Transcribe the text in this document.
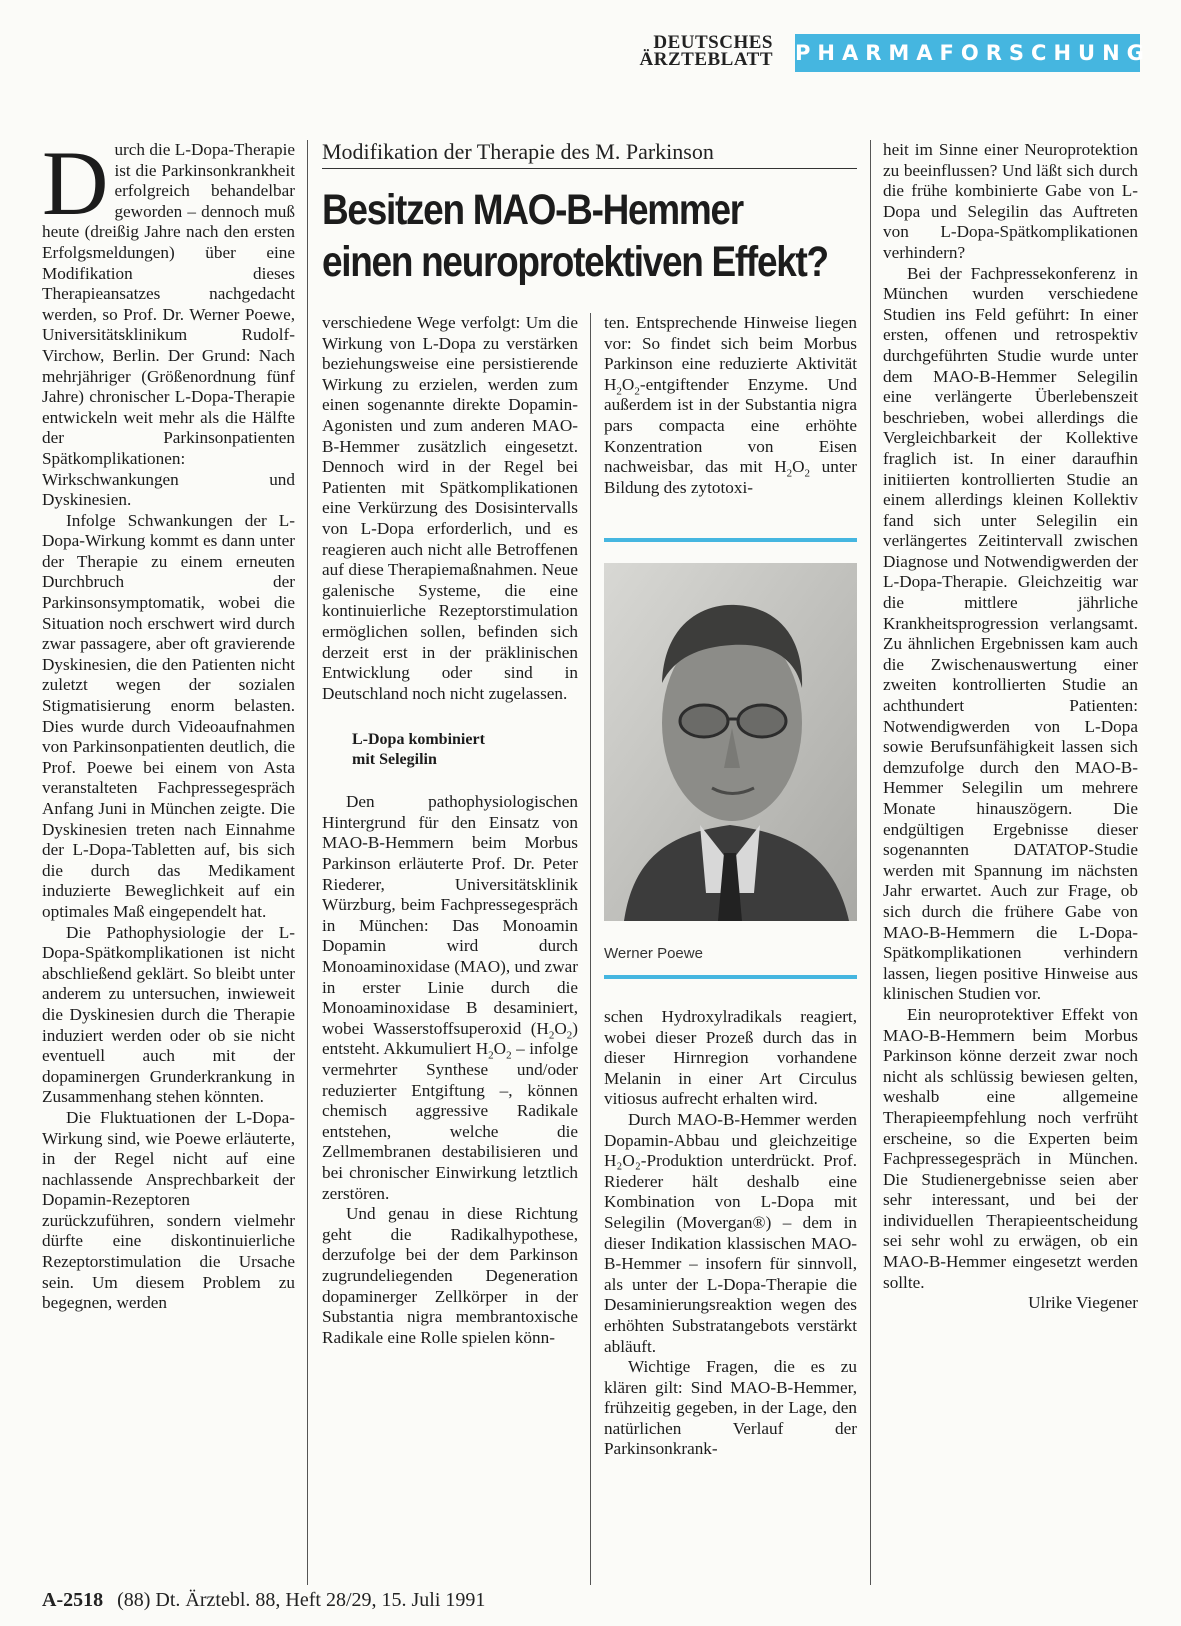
DEUTSCHES
ÄRZTEBLATT PHARMAFORSCHUNG

Durch die L-Dopa-Therapie ist die Parkinsonkrankheit erfolgreich behandelbar geworden – dennoch muß heute (dreißig Jahre nach den ersten Erfolgsmeldungen) über eine Modifikation dieses Therapieansatzes nachgedacht werden, so Prof. Dr. Werner Poewe, Universitätsklinikum Rudolf-Virchow, Berlin. Der Grund: Nach mehrjähriger (Größenordnung fünf Jahre) chronischer L-Dopa-Therapie entwickeln weit mehr als die Hälfte der Parkinsonpatienten Spätkomplikationen: Wirkschwankungen und Dyskinesien.

Infolge Schwankungen der L-Dopa-Wirkung kommt es dann unter der Therapie zu einem erneuten Durchbruch der Parkinsonsymptomatik, wobei die Situation noch erschwert wird durch zwar passagere, aber oft gravierende Dyskinesien, die den Patienten nicht zuletzt wegen der sozialen Stigmatisierung enorm belasten. Dies wurde durch Videoaufnahmen von Parkinsonpatienten deutlich, die Prof. Poewe bei einem von Asta veranstalteten Fachpressegespräch Anfang Juni in München zeigte. Die Dyskinesien treten nach Einnahme der L-Dopa-Tabletten auf, bis sich die durch das Medikament induzierte Beweglichkeit auf ein optimales Maß eingependelt hat.

Die Pathophysiologie der L-Dopa-Spätkomplikationen ist nicht abschließend geklärt. So bleibt unter anderem zu untersuchen, inwieweit die Dyskinesien durch die Therapie induziert werden oder ob sie nicht eventuell auch mit der dopaminergen Grunderkrankung in Zusammenhang stehen könnten.

Die Fluktuationen der L-Dopa-Wirkung sind, wie Poewe erläuterte, in der Regel nicht auf eine nachlassende Ansprechbarkeit der Dopamin-Rezeptoren zurückzuführen, sondern vielmehr dürfte eine diskontinuierliche Rezeptorstimulation die Ursache sein. Um diesem Problem zu begegnen, werden

Modifikation der Therapie des M. Parkinson
Besitzen MAO-B-Hemmer
einen neuroprotektiven Effekt?

verschiedene Wege verfolgt: Um die Wirkung von L-Dopa zu verstärken beziehungsweise eine persistierende Wirkung zu erzielen, werden zum einen sogenannte direkte Dopamin-Agonisten und zum anderen MAO-B-Hemmer zusätzlich eingesetzt. Dennoch wird in der Regel bei Patienten mit Spätkomplikationen eine Verkürzung des Dosisintervalls von L-Dopa erforderlich, und es reagieren auch nicht alle Betroffenen auf diese Therapiemaßnahmen. Neue galenische Systeme, die eine kontinuierliche Rezeptorstimulation ermöglichen sollen, befinden sich derzeit erst in der präklinischen Entwicklung oder sind in Deutschland noch nicht zugelassen.

L-Dopa kombiniert
mit Selegilin

Den pathophysiologischen Hintergrund für den Einsatz von MAO-B-Hemmern beim Morbus Parkinson erläuterte Prof. Dr. Peter Riederer, Universitätsklinik Würzburg, beim Fachpressegespräch in München: Das Monoamin Dopamin wird durch Monoaminoxidase (MAO), und zwar in erster Linie durch die Monoaminoxidase B desaminiert, wobei Wasserstoffsuperoxid $(H_2O_2)$ entsteht. Akkumuliert $H_2O_2$ – infolge vermehrter Synthese und/oder reduzierter Entgiftung –, können chemisch aggressive Radikale entstehen, welche die Zellmembranen destabilisieren und bei chronischer Einwirkung letztlich zerstören.

Und genau in diese Richtung geht die Radikalhypothese, derzufolge bei der dem Parkinson zugrundeliegenden Degeneration dopaminerger Zellkörper in der Substantia nigra membrantoxische Radikale eine Rolle spielen könn-

ten. Entsprechende Hinweise liegen vor: So findet sich beim Morbus Parkinson eine reduzierte Aktivität $H_2O_2$-entgiftender Enzyme. Und außerdem ist in der Substantia nigra pars compacta eine erhöhte Konzentration von Eisen nachweisbar, das mit $H_2O_2$ unter Bildung des zytotoxi-

Werner Poewe

schen Hydroxylradikals reagiert, wobei dieser Prozeß durch das in dieser Hirnregion vorhandene Melanin in einer Art Circulus vitiosus aufrecht erhalten wird.

Durch MAO-B-Hemmer werden Dopamin-Abbau und gleichzeitige H₂O₂-Produktion unterdrückt. Prof. Riederer hält deshalb eine Kombination von L-Dopa mit Selegilin (Movergan®) – dem in dieser Indikation klassischen MAO-B-Hemmer – insofern für sinnvoll, als unter der L-Dopa-Therapie die Desaminierungsreaktion wegen des erhöhten Substratangebots verstärkt abläuft.

Wichtige Fragen, die es zu klären gilt: Sind MAO-B-Hemmer, frühzeitig gegeben, in der Lage, den natürlichen Verlauf der Parkinsonkrank-

heit im Sinne einer Neuroprotektion zu beeinflussen? Und läßt sich durch die frühe kombinierte Gabe von L-Dopa und Selegilin das Auftreten von L-Dopa-Spätkomplikationen verhindern?

Bei der Fachpressekonferenz in München wurden verschiedene Studien ins Feld geführt: In einer ersten, offenen und retrospektiv durchgeführten Studie wurde unter dem MAO-B-Hemmer Selegilin eine verlängerte Überlebenszeit beschrieben, wobei allerdings die Vergleichbarkeit der Kollektive fraglich ist. In einer daraufhin initiierten kontrollierten Studie an einem allerdings kleinen Kollektiv fand sich unter Selegilin ein verlängertes Zeitintervall zwischen Diagnose und Notwendigwerden der L-Dopa-Therapie. Gleichzeitig war die mittlere jährliche Krankheitsprogression verlangsamt. Zu ähnlichen Ergebnissen kam auch die Zwischenauswertung einer zweiten kontrollierten Studie an achthundert Patienten: Notwendigwerden von L-Dopa sowie Berufsunfähigkeit lassen sich demzufolge durch den MAO-B-Hemmer Selegilin um mehrere Monate hinauszögern. Die endgültigen Ergebnisse dieser sogenannten DATATOP-Studie werden mit Spannung im nächsten Jahr erwartet. Auch zur Frage, ob sich durch die frühere Gabe von MAO-B-Hemmern die L-Dopa-Spätkomplikationen verhindern lassen, liegen positive Hinweise aus klinischen Studien vor.

Ein neuroprotektiver Effekt von MAO-B-Hemmern beim Morbus Parkinson könne derzeit zwar noch nicht als schlüssig bewiesen gelten, weshalb eine allgemeine Therapieempfehlung noch verfrüht erscheine, so die Experten beim Fachpressegespräch in München. Die Studienergebnisse seien aber sehr interessant, und bei der individuellen Therapieentscheidung sei sehr wohl zu erwägen, ob ein MAO-B-Hemmer eingesetzt werden sollte.

Ulrike Viegener

A-2518 (88) Dt. Ärztebl. 88, Heft 28/29, 15. Juli 1991
